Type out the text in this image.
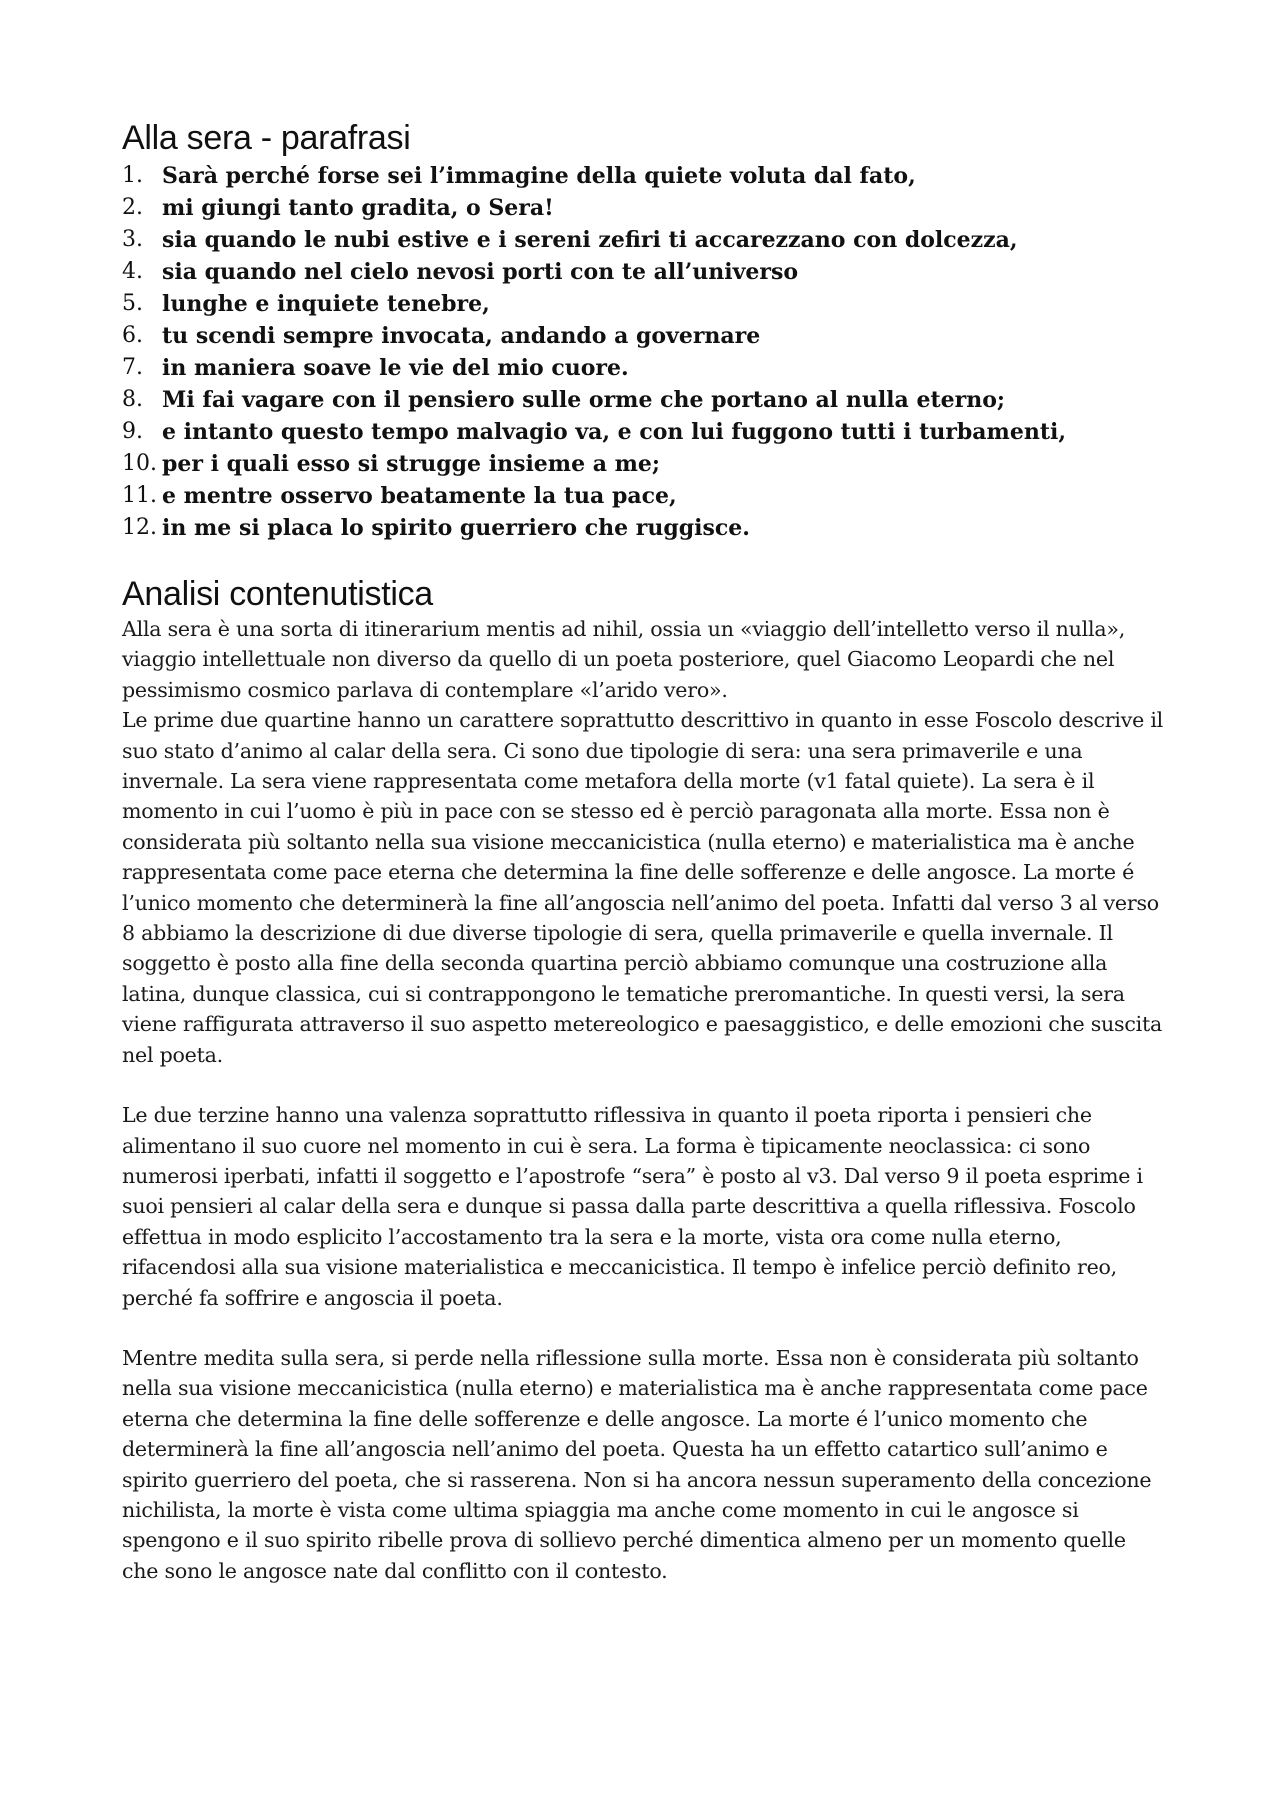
Alla sera - parafrasi
1. Sarà perché forse sei l’immagine della quiete voluta dal fato,
2. mi giungi tanto gradita, o Sera!
3. sia quando le nubi estive e i sereni zefiri ti accarezzano con dolcezza,
4. sia quando nel cielo nevosi porti con te all’universo
5. lunghe e inquiete tenebre,
6. tu scendi sempre invocata, andando a governare
7. in maniera soave le vie del mio cuore.
8. Mi fai vagare con il pensiero sulle orme che portano al nulla eterno;
9. e intanto questo tempo malvagio va, e con lui fuggono tutti i turbamenti,
10. per i quali esso si strugge insieme a me;
11. e mentre osservo beatamente la tua pace,
12. in me si placa lo spirito guerriero che ruggisce.
Analisi contenutistica

Alla sera è una sorta di itinerarium mentis ad nihil, ossia un «viaggio dell’intelletto verso il nulla», viaggio intellettuale non diverso da quello di un poeta posteriore, quel Giacomo Leopardi che nel pessimismo cosmico parlava di contemplare «l’arido vero».

Le prime due quartine hanno un carattere soprattutto descrittivo in quanto in esse Foscolo descrive il suo stato d’animo al calar della sera. Ci sono due tipologie di sera: una sera primaverile e una invernale. La sera viene rappresentata come metafora della morte (v1 fatal quiete). La sera è il momento in cui l’uomo è più in pace con se stesso ed è perciò paragonata alla morte. Essa non è considerata più soltanto nella sua visione meccanicistica (nulla eterno) e materialistica ma è anche rappresentata come pace eterna che determina la fine delle sofferenze e delle angosce. La morte é l’unico momento che determinerà la fine all’angoscia nell’animo del poeta. Infatti dal verso 3 al verso 8 abbiamo la descrizione di due diverse tipologie di sera, quella primaverile e quella invernale. Il soggetto è posto alla fine della seconda quartina perciò abbiamo comunque una costruzione alla latina, dunque classica, cui si contrappongono le tematiche preromantiche. In questi versi, la sera viene raffigurata attraverso il suo aspetto metereologico e paesaggistico, e delle emozioni che suscita nel poeta.

Le due terzine hanno una valenza soprattutto riflessiva in quanto il poeta riporta i pensieri che alimentano il suo cuore nel momento in cui è sera. La forma è tipicamente neoclassica: ci sono numerosi iperbati, infatti il soggetto e l’apostrofe “sera” è posto al v3. Dal verso 9 il poeta esprime i suoi pensieri al calar della sera e dunque si passa dalla parte descrittiva a quella riflessiva. Foscolo effettua in modo esplicito l’accostamento tra la sera e la morte, vista ora come nulla eterno, rifacendosi alla sua visione materialistica e meccanicistica. Il tempo è infelice perciò definito reo, perché fa soffrire e angoscia il poeta.

Mentre medita sulla sera, si perde nella riflessione sulla morte. Essa non è considerata più soltanto nella sua visione meccanicistica (nulla eterno) e materialistica ma è anche rappresentata come pace eterna che determina la fine delle sofferenze e delle angosce. La morte é l’unico momento che determinerà la fine all’angoscia nell’animo del poeta. Questa ha un effetto catartico sull’animo e spirito guerriero del poeta, che si rasserena. Non si ha ancora nessun superamento della concezione nichilista, la morte è vista come ultima spiaggia ma anche come momento in cui le angosce si spengono e il suo spirito ribelle prova di sollievo perché dimentica almeno per un momento quelle che sono le angosce nate dal conflitto con il contesto.
